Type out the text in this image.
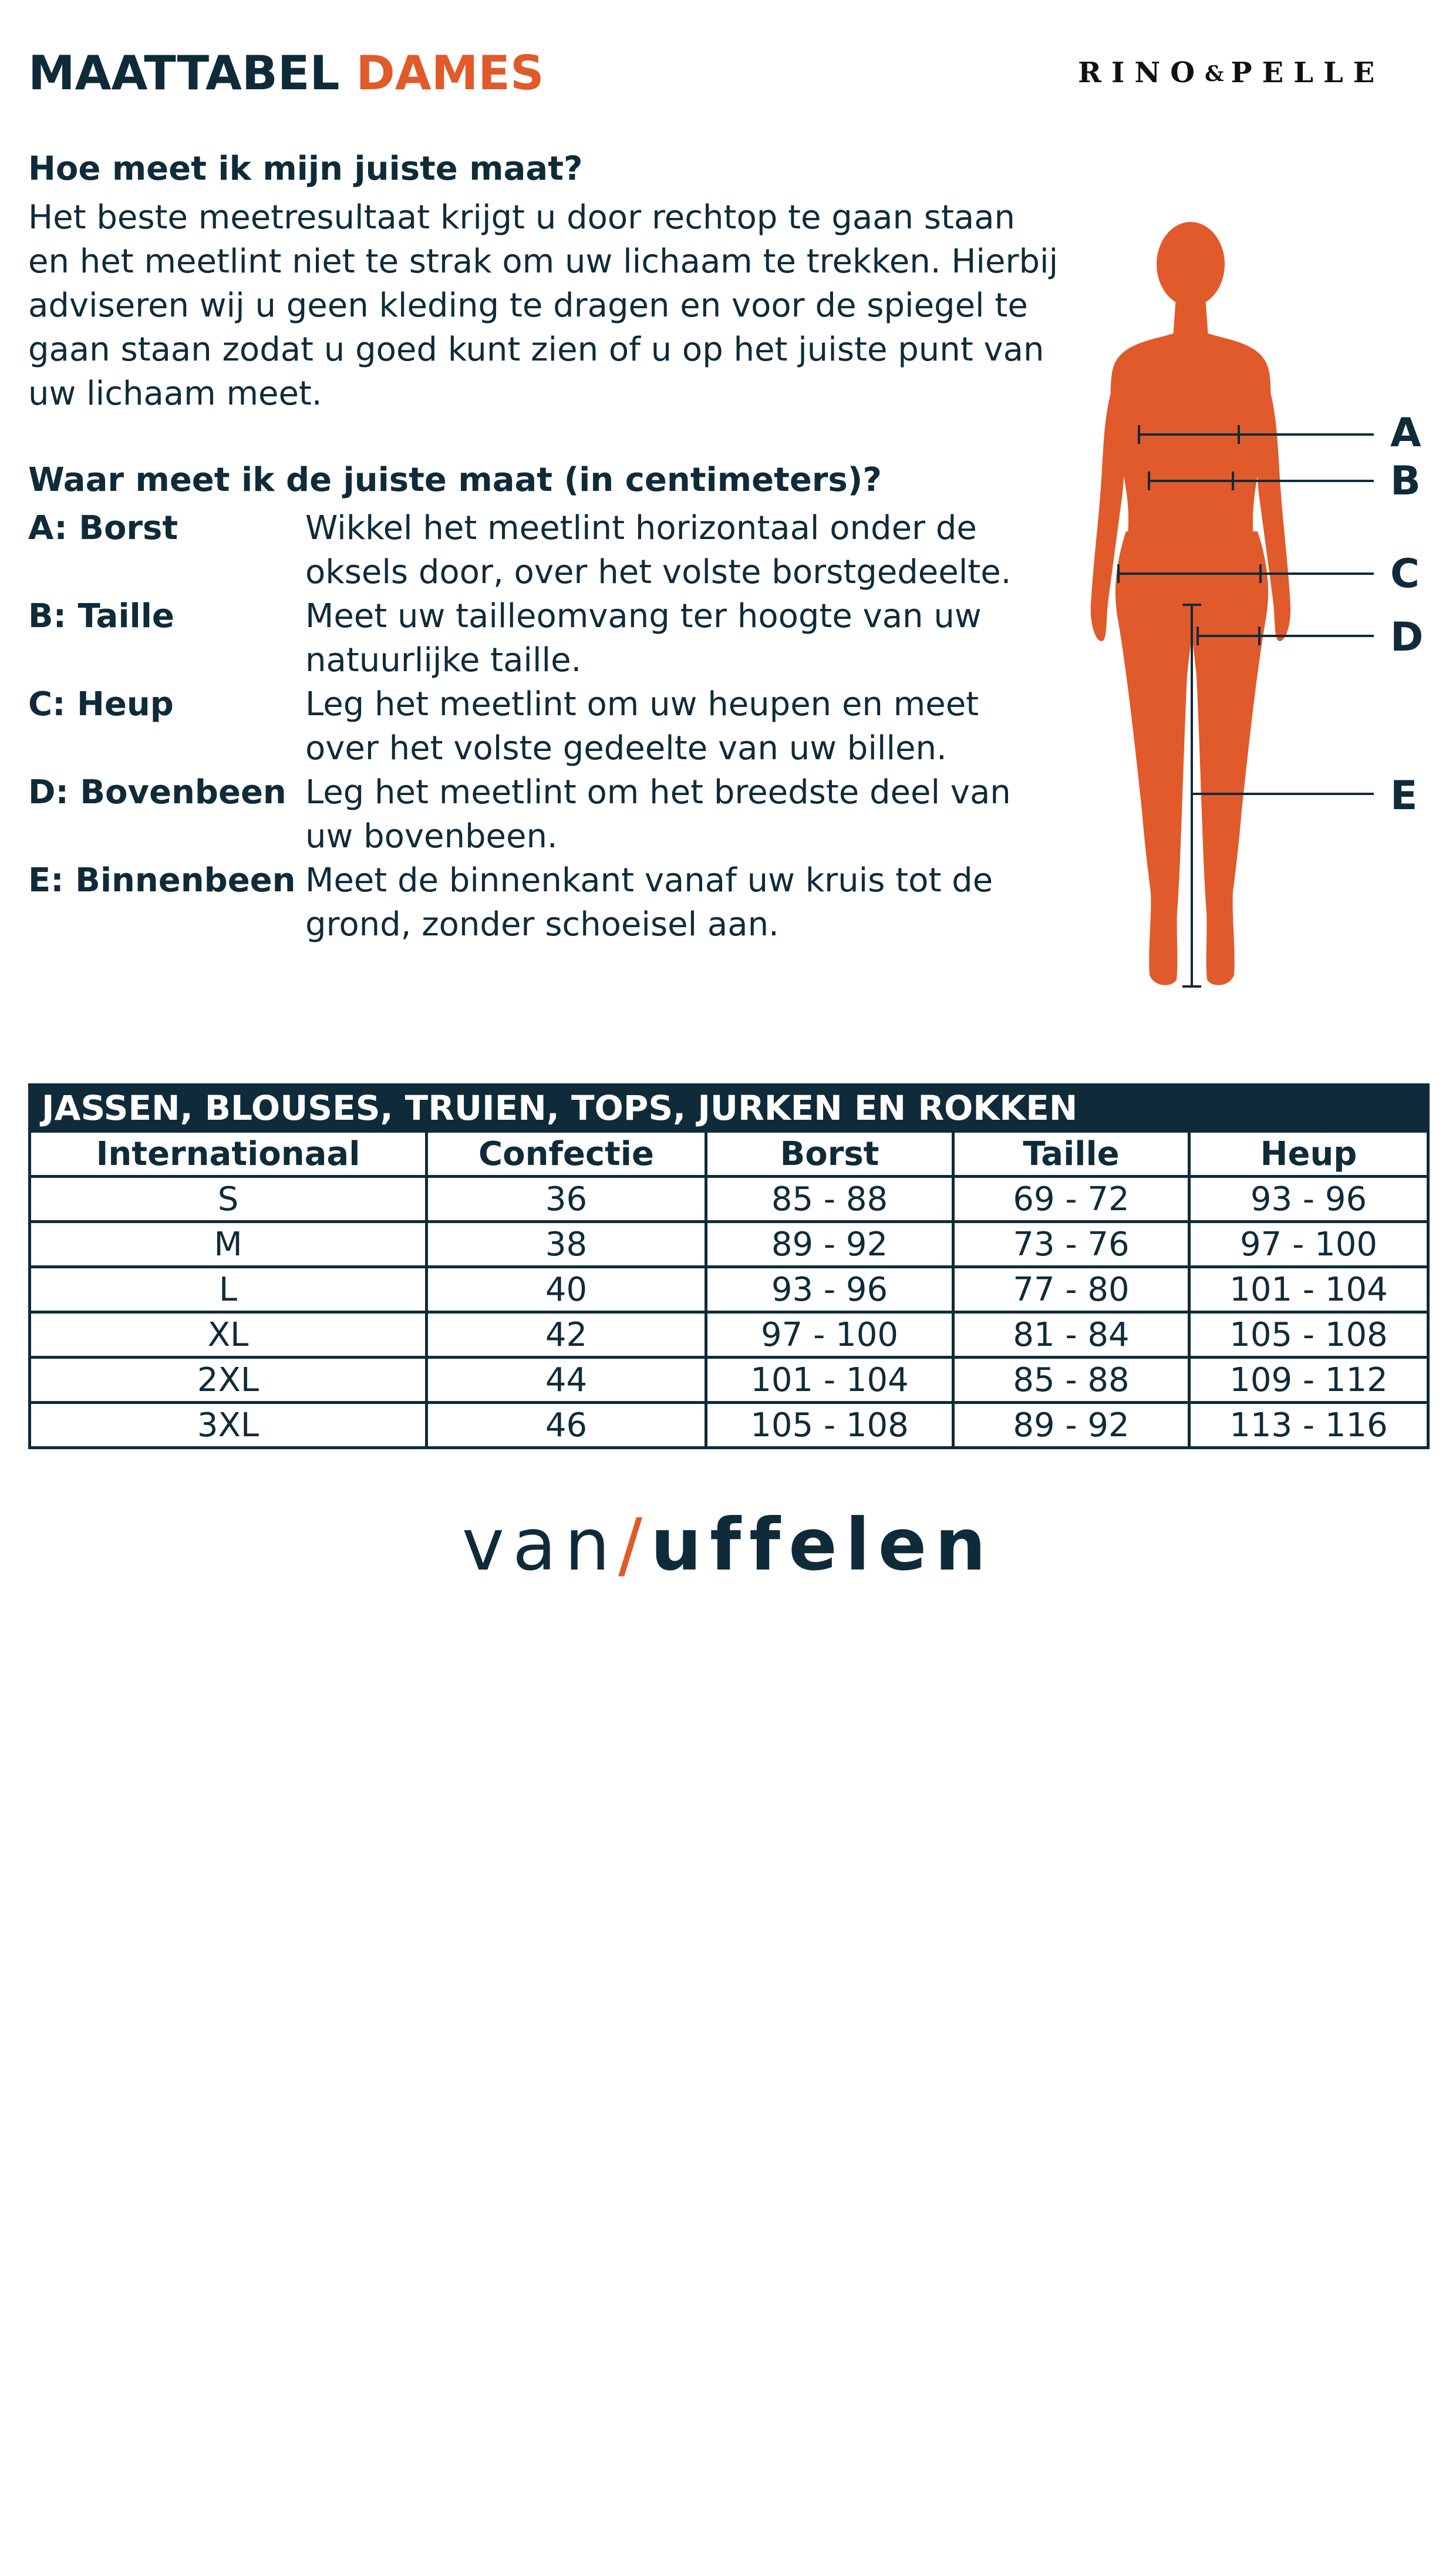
MAATTABEL DAMES	RINO& PELLE
Hoe meet ik mijn juiste maat?

Het beste meetresultaat krijgt u door rechtop te gaan staan

en het meetlint niet te strak om uw lichaam te trekken. Hierbij

adviseren wij u geen kleding te dragen en voor de spiegel te

gaan staan zodat u goed kunt zien of u op het juiste punt van

uw lichaam meet.

Waar meet ik de juiste maat (in centimeters)?
A: Borst	Wikkel het meetlint horizontaal onder de
oksels door, over het volste borstgedeelte.
B: Taille	Meet uw tailleomvang ter hoogte van uw
natuurlijke taille.
C: Heup	Leg het meetlint om uw heupen en meet
over het volste gedeelte van uw billen.
D: Bovenbeen Leg het meetlint om het breedste deel van
uw bovenbeen.
E: Binnenbeen Meet de binnenkant vanaf uw kruis tot de
grond, zonder schoeisel aan.
A
B
C
D
E
JASSEN, BLOUSES, TRUIEN, TOPS, JURKEN EN ROKKEN				
Internationaal	Confectie	Borst	Taille	Heup
S	36	85 - 88	69 - 72	93 - 96
M	38	89 - 92	73 - 76	97 - 100
L	40	93 - 96	77 - 80	101 - 104
XL	42	97 - 100	81 - 84	105 - 108
2XL	44	101 - 104	85 - 88	109 - 112
3XL	46	105 - 108	89 - 92	113 - 116
van/uffelen
